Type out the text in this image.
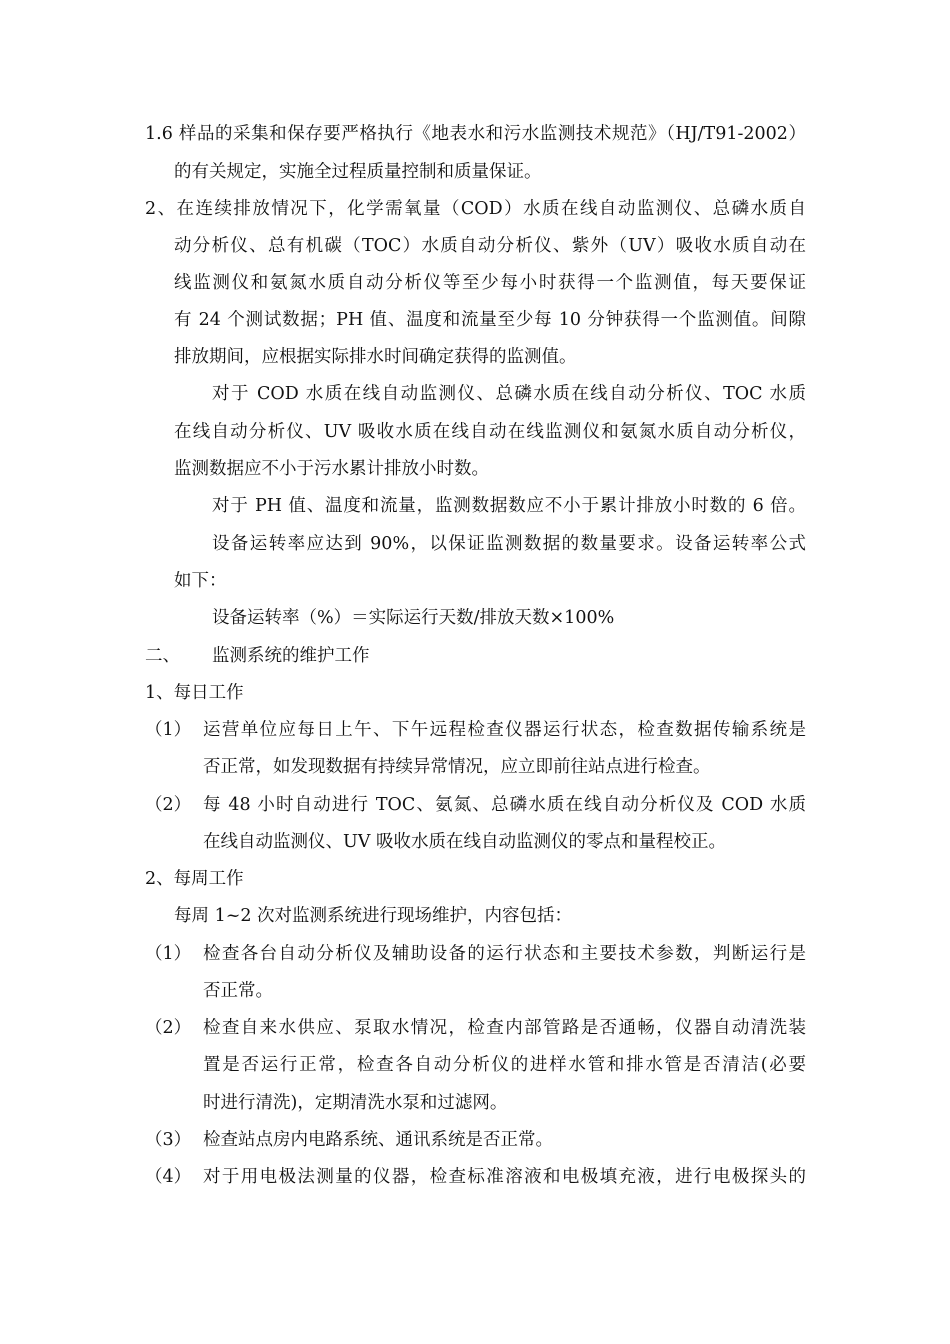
1.6 样品的采集和保存要严格执行《地表水和污水监测技术规范》（HJ/T91-2002）
的有关规定，实施全过程质量控制和质量保证。
2、在连续排放情况下，化学需氧量（COD）水质在线自动监测仪、总磷水质自
动分析仪、总有机碳（TOC）水质自动分析仪、紫外（UV）吸收水质自动在
线监测仪和氨氮水质自动分析仪等至少每小时获得一个监测值，每天要保证
有 24 个测试数据；PH 值、温度和流量至少每 10 分钟获得一个监测值。间隙
排放期间，应根据实际排水时间确定获得的监测值。
对于 COD 水质在线自动监测仪、总磷水质在线自动分析仪、TOC 水质
在线自动分析仪、UV 吸收水质在线自动在线监测仪和氨氮水质自动分析仪，
监测数据应不小于污水累计排放小时数。
对于 PH 值、温度和流量，监测数据数应不小于累计排放小时数的 6 倍。
设备运转率应达到 90%，以保证监测数据的数量要求。设备运转率公式
如下：
设备运转率（%）＝实际运行天数/排放天数×100%
二、 监测系统的维护工作
1、每日工作
（1） 运营单位应每日上午、下午远程检查仪器运行状态，检查数据传输系统是
否正常，如发现数据有持续异常情况，应立即前往站点进行检查。
（2） 每 48 小时自动进行 TOC、氨氮、总磷水质在线自动分析仪及 COD 水质
在线自动监测仪、UV 吸收水质在线自动监测仪的零点和量程校正。
2、每周工作
每周 1~2 次对监测系统进行现场维护，内容包括：
（1） 检查各台自动分析仪及辅助设备的运行状态和主要技术参数，判断运行是
否正常。
（2） 检查自来水供应、泵取水情况，检查内部管路是否通畅，仪器自动清洗装
置是否运行正常，检查各自动分析仪的进样水管和排水管是否清洁(必要
时进行清洗)，定期清洗水泵和过滤网。
（3） 检查站点房内电路系统、通讯系统是否正常。
（4） 对于用电极法测量的仪器，检查标准溶液和电极填充液，进行电极探头的
